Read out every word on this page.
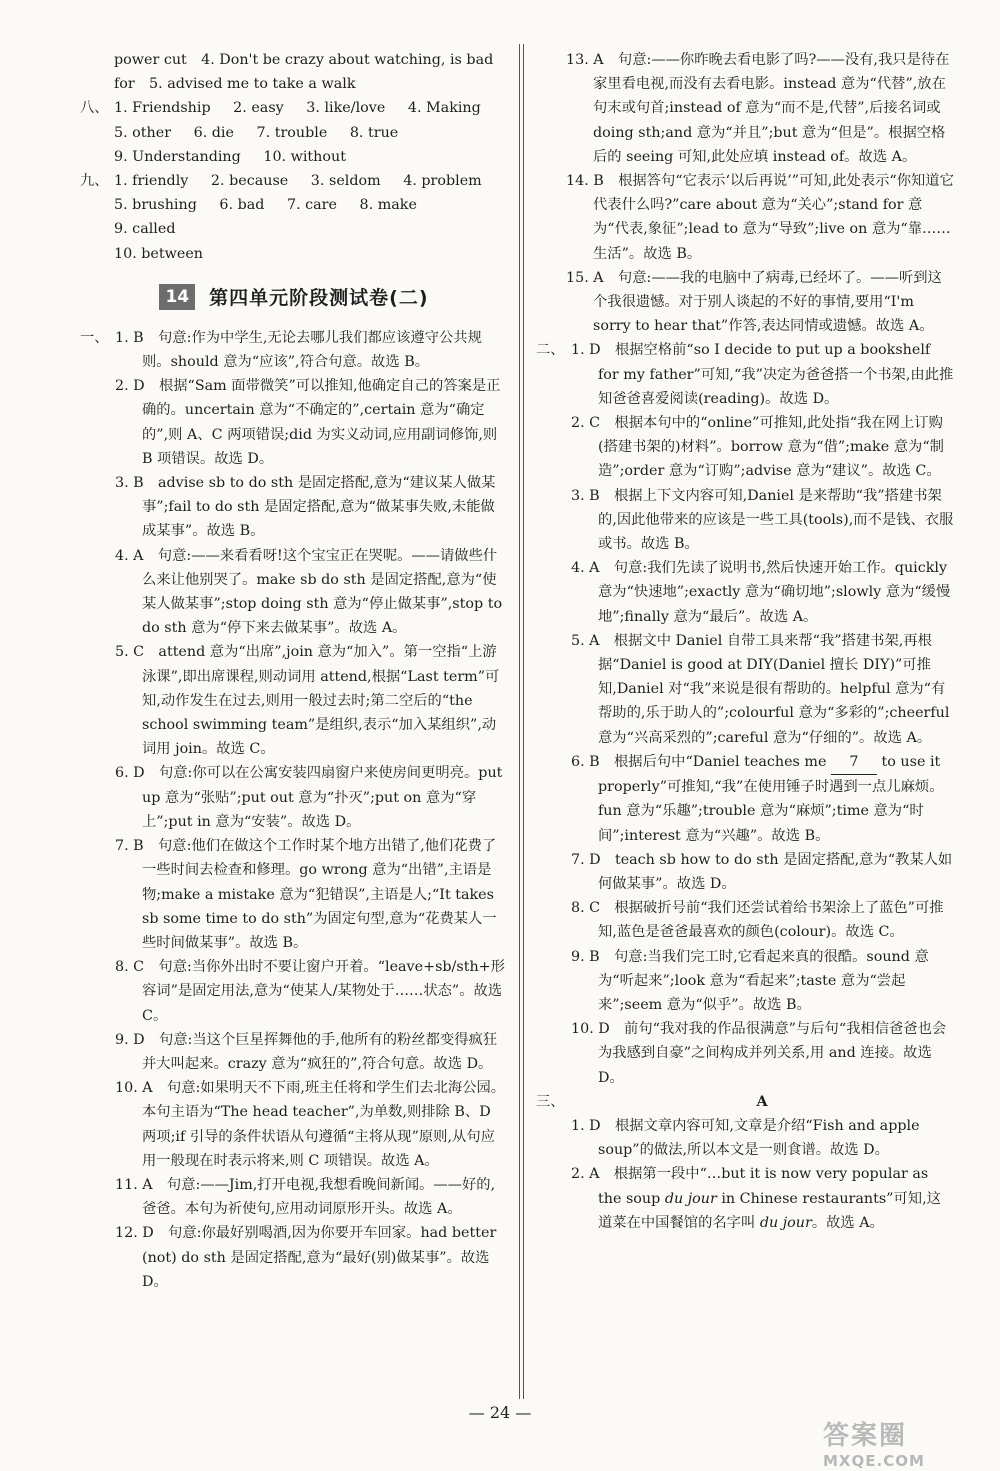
power cut　4. Don't be crazy about watching, is bad
for　5. advised me to take a walk
八、 1. Friendship 2. easy 3. like/love 4. Making
5. other 6. die 7. trouble 8. true
9. Understanding 10. without
九、 1. friendly 2. because 3. seldom 4. problem
5. brushing 6. bad 7. care 8. make 9. called
10. between
14	第四单元阶段测试卷(二)
一、 1. B　句意:作为中学生,无论去哪儿我们都应该遵守公共规则。should 意为“应该”,符合句意。故选 B。

2. D　根据“Sam 面带微笑”可以推知,他确定自己的答案是正确的。uncertain 意为“不确定的”,certain 意为“确定的”,则 A、C 两项错误;did 为实义动词,应用副词修饰,则 B 项错误。故选 D。

3. B　advise sb to do sth 是固定搭配,意为“建议某人做某事”;fail to do sth 是固定搭配,意为“做某事失败,未能做成某事”。故选 B。

4. A　句意:——来看看呀!这个宝宝正在哭呢。——请做些什么来让他别哭了。make sb do sth 是固定搭配,意为“使某人做某事”;stop doing sth 意为“停止做某事”,stop to do sth 意为“停下来去做某事”。故选 A。

5. C　attend 意为“出席”,join 意为“加入”。第一空指“上游泳课”,即出席课程,则动词用 attend,根据“Last term”可知,动作发生在过去,则用一般过去时;第二空后的“the school swimming team”是组织,表示“加入某组织”,动词用 join。故选 C。

6. D　句意:你可以在公寓安装四扇窗户来使房间更明亮。put up 意为“张贴”;put out 意为“扑灭”;put on 意为“穿上”;put in 意为“安装”。故选 D。

7. B　句意:他们在做这个工作时某个地方出错了,他们花费了一些时间去检查和修理。go wrong 意为“出错”,主语是物;make a mistake 意为“犯错误”,主语是人;“It takes sb some time to do sth”为固定句型,意为“花费某人一些时间做某事”。故选 B。

8. C　句意:当你外出时不要让窗户开着。“leave+sb/sth+形容词”是固定用法,意为“使某人/某物处于……状态”。故选 C。

9. D　句意:当这个巨星挥舞他的手,他所有的粉丝都变得疯狂并大叫起来。crazy 意为“疯狂的”,符合句意。故选 D。

10. A　句意:如果明天不下雨,班主任将和学生们去北海公园。本句主语为“The head teacher”,为单数,则排除 B、D 两项;if 引导的条件状语从句遵循“主将从现”原则,从句应用一般现在时表示将来,则 C 项错误。故选 A。

11. A　句意:——Jim,打开电视,我想看晚间新闻。——好的,爸爸。本句为祈使句,应用动词原形开头。故选 A。

12. D　句意:你最好别喝酒,因为你要开车回家。had better (not) do sth 是固定搭配,意为“最好(别)做某事”。故选 D。

13. A　句意:——你昨晚去看电影了吗?——没有,我只是待在家里看电视,而没有去看电影。instead 意为“代替”,放在句末或句首;instead of 意为“而不是,代替”,后接名词或 doing sth;and 意为“并且”;but 意为“但是”。根据空格后的 seeing 可知,此处应填 instead of。故选 A。

14. B　根据答句“它表示‘以后再说’”可知,此处表示“你知道它代表什么吗?”care about 意为“关心”;stand for 意为“代表,象征”;lead to 意为“导致”;live on 意为“靠……生活”。故选 B。

15. A　句意:——我的电脑中了病毒,已经坏了。——听到这个我很遗憾。对于别人谈起的不好的事情,要用“I'm sorry to hear that”作答,表达同情或遗憾。故选 A。

二、 1. D　根据空格前“so I decide to put up a bookshelf for my father”可知,“我”决定为爸爸搭一个书架,由此推知爸爸喜爱阅读(reading)。故选 D。

2. C　根据本句中的“online”可推知,此处指“我在网上订购(搭建书架的)材料”。borrow 意为“借”;make 意为“制造”;order 意为“订购”;advise 意为“建议”。故选 C。

3. B　根据上下文内容可知,Daniel 是来帮助“我”搭建书架的,因此他带来的应该是一些工具(tools),而不是钱、衣服或书。故选 B。

4. A　句意:我们先读了说明书,然后快速开始工作。quickly 意为“快速地”;exactly 意为“确切地”;slowly 意为“缓慢地”;finally 意为“最后”。故选 A。

5. A　根据文中 Daniel 自带工具来帮“我”搭建书架,再根据“Daniel is good at DIY(Daniel 擅长 DIY)”可推知,Daniel 对“我”来说是很有帮助的。helpful 意为“有帮助的,乐于助人的”;colourful 意为“多彩的”;cheerful 意为“兴高采烈的”;careful 意为“仔细的”。故选 A。

6. B　根据后句中“Daniel teaches me 7 to use it properly”可推知,“我”在使用锤子时遇到一点儿麻烦。fun 意为“乐趣”;trouble 意为“麻烦”;time 意为“时间”;interest 意为“兴趣”。故选 B。

7. D　teach sb how to do sth 是固定搭配,意为“教某人如何做某事”。故选 D。

8. C　根据破折号前“我们还尝试着给书架涂上了蓝色”可推知,蓝色是爸爸最喜欢的颜色(colour)。故选 C。

9. B　句意:当我们完工时,它看起来真的很酷。sound 意为“听起来”;look 意为“看起来”;taste 意为“尝起来”;seem 意为“似乎”。故选 B。

10. D　前句“我对我的作品很满意”与后句“我相信爸爸也会为我感到自豪”之间构成并列关系,用 and 连接。故选 D。

三、	A

1. D　根据文章内容可知,文章是介绍“Fish and apple soup”的做法,所以本文是一则食谱。故选 D。

2. A　根据第一段中“…but it is now very popular as the soup du jour in Chinese restaurants”可知,这道菜在中国餐馆的名字叫 du jour。故选 A。

— 24 —
答案圈
MXQE.COM
